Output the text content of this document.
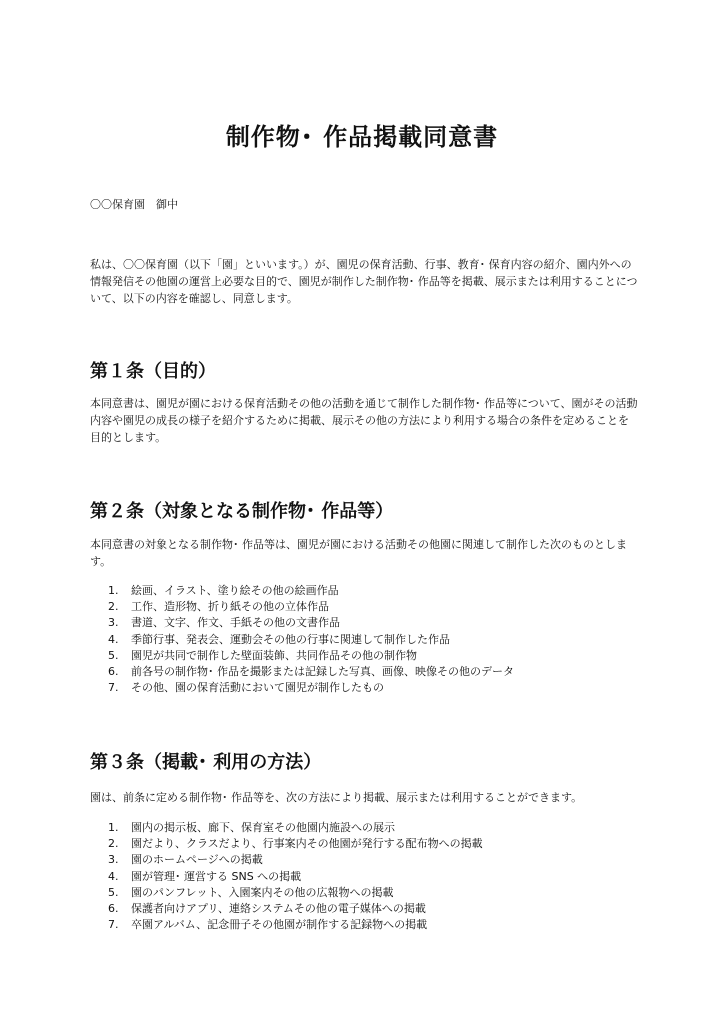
制作物･ 作品掲載同意書

〇〇保育園　御中

私は、〇〇保育園（以下「園」といいます。）が、園児の保育活動、行事、教育･ 保育内容の紹介、園内外への情報発信その他園の運営上必要な目的で、園児が制作した制作物･ 作品等を掲載、展示または利用することについて、以下の内容を確認し、同意します。

第１条（目的）

本同意書は、園児が園における保育活動その他の活動を通じて制作した制作物･ 作品等について、園がその活動内容や園児の成長の様子を紹介するために掲載、展示その他の方法により利用する場合の条件を定めることを目的とします。

第２条（対象となる制作物･ 作品等）

本同意書の対象となる制作物･ 作品等は、園児が園における活動その他園に関連して制作した次のものとします。

1. 絵画、イラスト、塗り絵その他の絵画作品
2. 工作、造形物、折り紙その他の立体作品
3. 書道、文字、作文、手紙その他の文書作品
4. 季節行事、発表会、運動会その他の行事に関連して制作した作品
5. 園児が共同で制作した壁面装飾、共同作品その他の制作物
6. 前各号の制作物･ 作品を撮影または記録した写真、画像、映像その他のデータ
7. その他、園の保育活動において園児が制作したもの
第３条（掲載･ 利用の方法）

園は、前条に定める制作物･ 作品等を、次の方法により掲載、展示または利用することができます。

1. 園内の掲示板、廊下、保育室その他園内施設への展示
2. 園だより、クラスだより、行事案内その他園が発行する配布物への掲載
3. 園のホームページへの掲載
4. 園が管理･ 運営する SNS への掲載
5. 園のパンフレット、入園案内その他の広報物への掲載
6. 保護者向けアプリ、連絡システムその他の電子媒体への掲載
7. 卒園アルバム、記念冊子その他園が制作する記録物への掲載
